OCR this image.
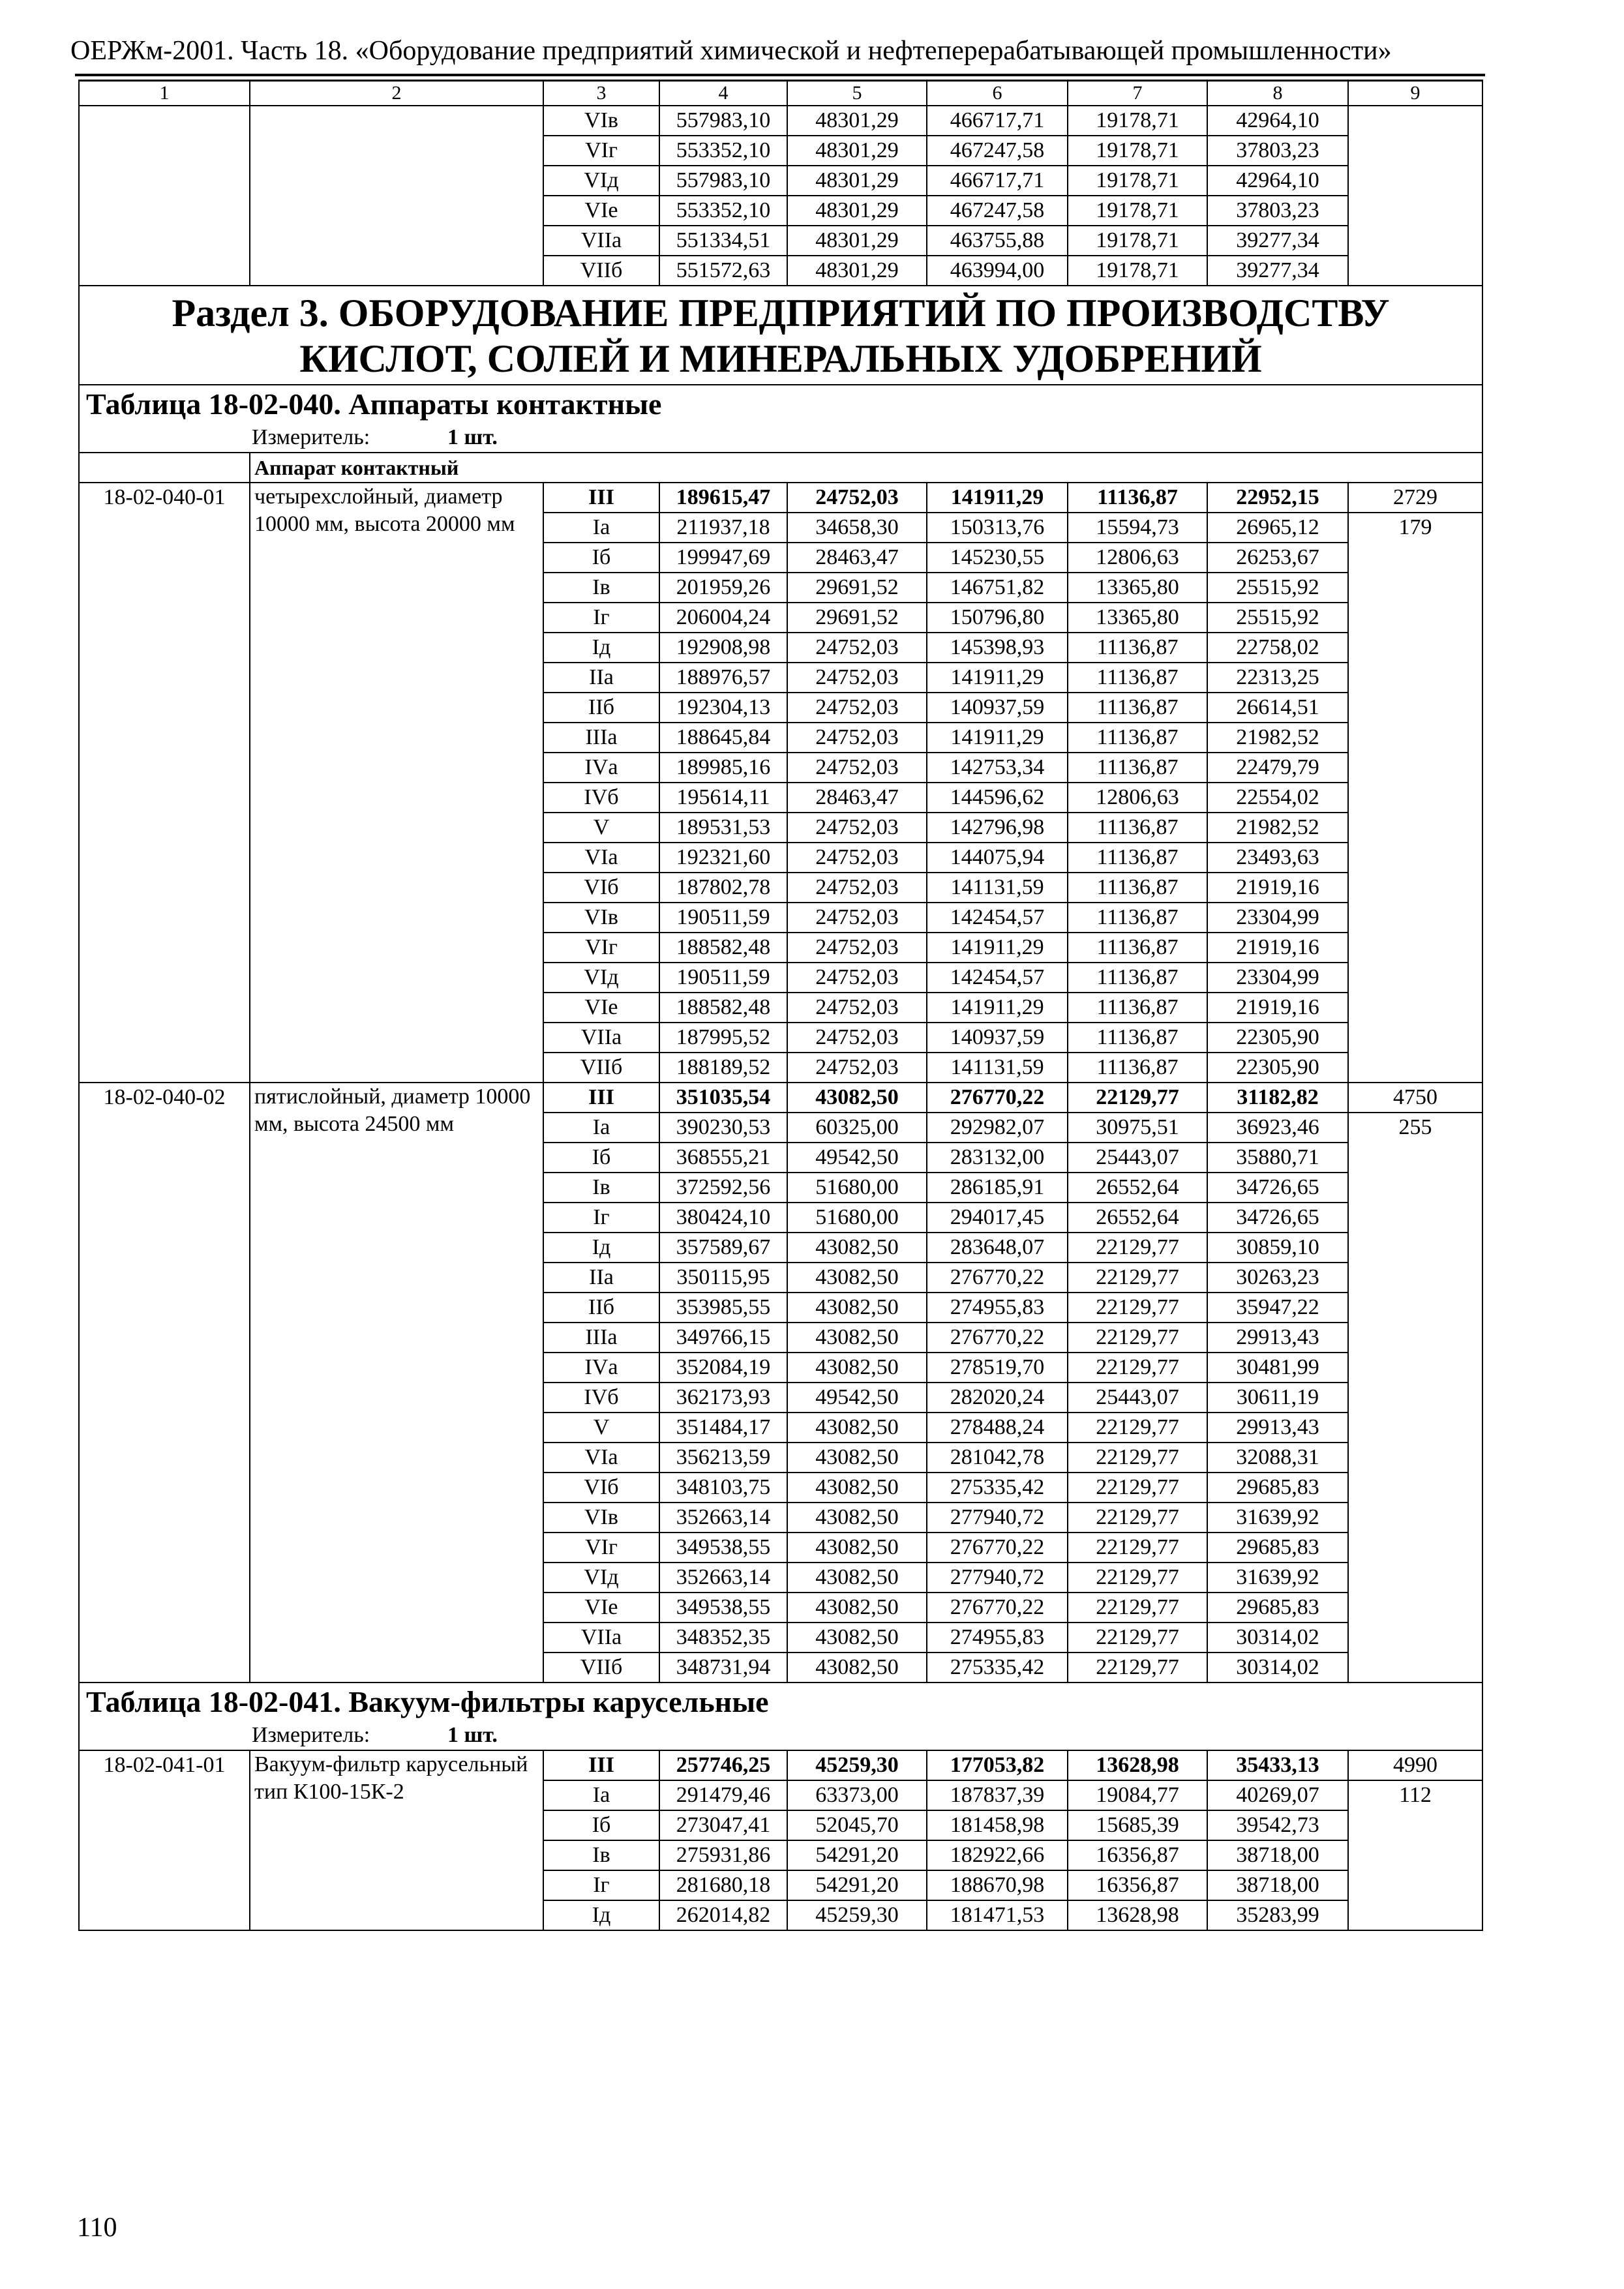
ОЕРЖм-2001. Часть 18. «Оборудование предприятий химической и нефтеперерабатывающей промышленности»
1	2	3	4	5	6	7	8	9
		VIв	557983,10	48301,29	466717,71	19178,71	42964,10	
		VIг	553352,10	48301,29	467247,58	19178,71	37803,23	
		VIд	557983,10	48301,29	466717,71	19178,71	42964,10	
		VIе	553352,10	48301,29	467247,58	19178,71	37803,23	
		VIIа	551334,51	48301,29	463755,88	19178,71	39277,34	
		VIIб	551572,63	48301,29	463994,00	19178,71	39277,34	

Раздел 3. ОБОРУДОВАНИЕ ПРЕДПРИЯТИЙ ПО ПРОИЗВОДСТВУ
КИСЛОТ, СОЛЕЙ И МИНЕРАЛЬНЫХ УДОБРЕНИЙ								

Таблица 18-02-040. Аппараты контактные								
Измеритель: 1 шт.								
	Аппарат контактный							
18-02-040-01	четырехслойный, диаметр 10000 мм, высота 20000 мм	III	189615,47	24752,03	141911,29	11136,87	22952,15	2729
		Iа	211937,18	34658,30	150313,76	15594,73	26965,12	179
		Iб	199947,69	28463,47	145230,55	12806,63	26253,67	
		Iв	201959,26	29691,52	146751,82	13365,80	25515,92	
		Iг	206004,24	29691,52	150796,80	13365,80	25515,92	
		Iд	192908,98	24752,03	145398,93	11136,87	22758,02	
		IIа	188976,57	24752,03	141911,29	11136,87	22313,25	
		IIб	192304,13	24752,03	140937,59	11136,87	26614,51	
		IIIа	188645,84	24752,03	141911,29	11136,87	21982,52	
		IVа	189985,16	24752,03	142753,34	11136,87	22479,79	
		IVб	195614,11	28463,47	144596,62	12806,63	22554,02	
		V	189531,53	24752,03	142796,98	11136,87	21982,52	
		VIа	192321,60	24752,03	144075,94	11136,87	23493,63	
		VIб	187802,78	24752,03	141131,59	11136,87	21919,16	
		VIв	190511,59	24752,03	142454,57	11136,87	23304,99	
		VIг	188582,48	24752,03	141911,29	11136,87	21919,16	
		VIд	190511,59	24752,03	142454,57	11136,87	23304,99	
		VIе	188582,48	24752,03	141911,29	11136,87	21919,16	
		VIIа	187995,52	24752,03	140937,59	11136,87	22305,90	
		VIIб	188189,52	24752,03	141131,59	11136,87	22305,90	
18-02-040-02	пятислойный, диаметр 10000 мм, высота 24500 мм	III	351035,54	43082,50	276770,22	22129,77	31182,82	4750
		Iа	390230,53	60325,00	292982,07	30975,51	36923,46	255
		Iб	368555,21	49542,50	283132,00	25443,07	35880,71	
		Iв	372592,56	51680,00	286185,91	26552,64	34726,65	
		Iг	380424,10	51680,00	294017,45	26552,64	34726,65	
		Iд	357589,67	43082,50	283648,07	22129,77	30859,10	
		IIа	350115,95	43082,50	276770,22	22129,77	30263,23	
		IIб	353985,55	43082,50	274955,83	22129,77	35947,22	
		IIIа	349766,15	43082,50	276770,22	22129,77	29913,43	
		IVа	352084,19	43082,50	278519,70	22129,77	30481,99	
		IVб	362173,93	49542,50	282020,24	25443,07	30611,19	
		V	351484,17	43082,50	278488,24	22129,77	29913,43	
		VIа	356213,59	43082,50	281042,78	22129,77	32088,31	
		VIб	348103,75	43082,50	275335,42	22129,77	29685,83	
		VIв	352663,14	43082,50	277940,72	22129,77	31639,92	
		VIг	349538,55	43082,50	276770,22	22129,77	29685,83	
		VIд	352663,14	43082,50	277940,72	22129,77	31639,92	
		VIе	349538,55	43082,50	276770,22	22129,77	29685,83	
		VIIа	348352,35	43082,50	274955,83	22129,77	30314,02	
		VIIб	348731,94	43082,50	275335,42	22129,77	30314,02	
Таблица 18-02-041. Вакуум-фильтры карусельные								
Измеритель: 1 шт.								
18-02-041-01	Вакуум-фильтр карусельный тип К100-15К-2	III	257746,25	45259,30	177053,82	13628,98	35433,13	4990
		Iа	291479,46	63373,00	187837,39	19084,77	40269,07	112
		Iб	273047,41	52045,70	181458,98	15685,39	39542,73	
		Iв	275931,86	54291,20	182922,66	16356,87	38718,00	
		Iг	281680,18	54291,20	188670,98	16356,87	38718,00	
		Iд	262014,82	45259,30	181471,53	13628,98	35283,99	
110
